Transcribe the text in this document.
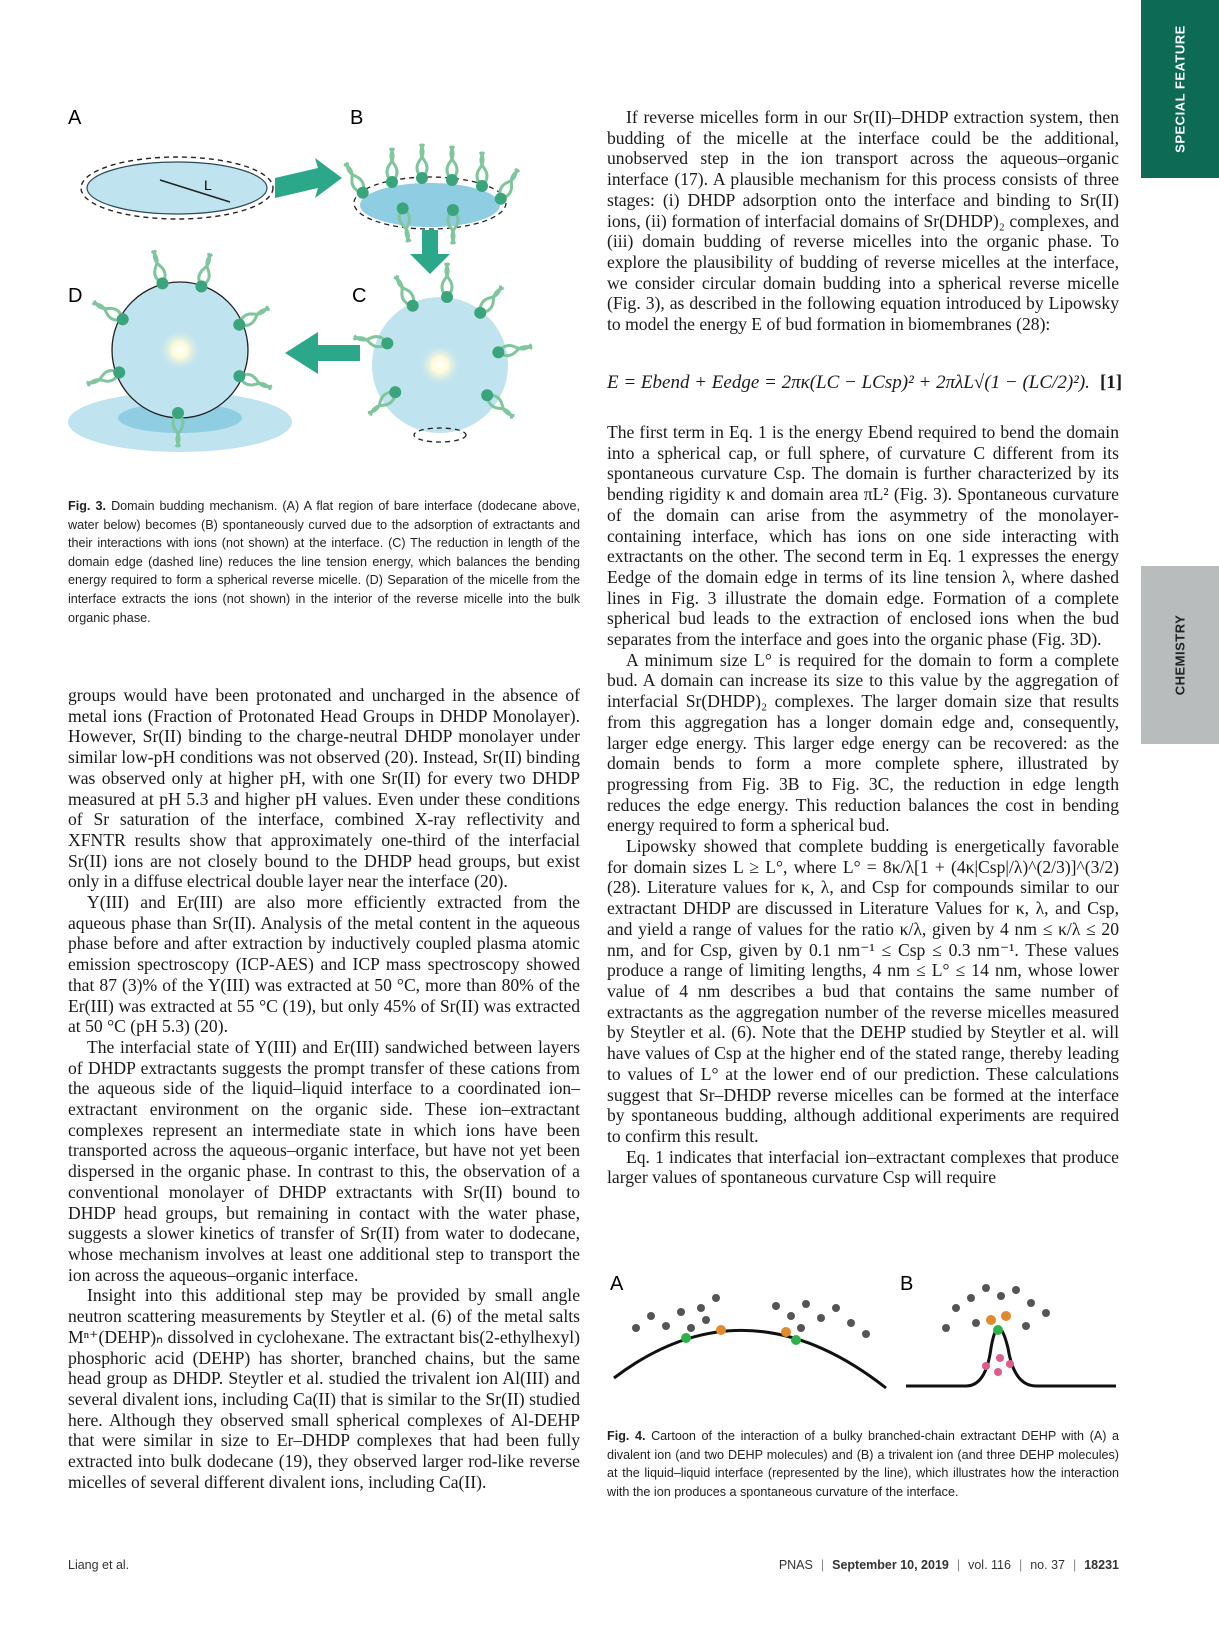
SPECIAL FEATURE
CHEMISTRY
A	B
D	C
L
Fig. 3. Domain budding mechanism. (A) A flat region of bare interface (dodecane above, water below) becomes (B) spontaneously curved due to the adsorption of extractants and their interactions with ions (not shown) at the interface. (C) The reduction in length of the domain edge (dashed line) reduces the line tension energy, which balances the bending energy required to form a spherical reverse micelle. (D) Separation of the micelle from the interface extracts the ions (not shown) in the interior of the reverse micelle into the bulk organic phase.

groups would have been protonated and uncharged in the absence of metal ions (Fraction of Protonated Head Groups in DHDP Monolayer). However, Sr(II) binding to the charge-neutral DHDP monolayer under similar low-pH conditions was not observed (20). Instead, Sr(II) binding was observed only at higher pH, with one Sr(II) for every two DHDP measured at pH 5.3 and higher pH values. Even under these conditions of Sr saturation of the interface, combined X-ray reflectivity and XFNTR results show that approximately one-third of the interfacial Sr(II) ions are not closely bound to the DHDP head groups, but exist only in a diffuse electrical double layer near the interface (20).

Y(III) and Er(III) are also more efficiently extracted from the aqueous phase than Sr(II). Analysis of the metal content in the aqueous phase before and after extraction by inductively coupled plasma atomic emission spectroscopy (ICP-AES) and ICP mass spectroscopy showed that 87 (3)% of the Y(III) was extracted at 50 °C, more than 80% of the Er(III) was extracted at 55 °C (19), but only 45% of Sr(II) was extracted at 50 °C (pH 5.3) (20).

The interfacial state of Y(III) and Er(III) sandwiched between layers of DHDP extractants suggests the prompt transfer of these cations from the aqueous side of the liquid–liquid interface to a coordinated ion–extractant environment on the organic side. These ion–extractant complexes represent an intermediate state in which ions have been transported across the aqueous–organic interface, but have not yet been dispersed in the organic phase. In contrast to this, the observation of a conventional monolayer of DHDP extractants with Sr(II) bound to DHDP head groups, but remaining in contact with the water phase, suggests a slower kinetics of transfer of Sr(II) from water to dodecane, whose mechanism involves at least one additional step to transport the ion across the aqueous–organic interface.

Insight into this additional step may be provided by small angle neutron scattering measurements by Steytler et al. (6) of the metal salts Mⁿ⁺(DEHP)ₙ dissolved in cyclohexane. The extractant bis(2-ethylhexyl) phosphoric acid (DEHP) has shorter, branched chains, but the same head group as DHDP. Steytler et al. studied the trivalent ion Al(III) and several divalent ions, including Ca(II) that is similar to the Sr(II) studied here. Although they observed small spherical complexes of Al-DEHP that were similar in size to Er–DHDP complexes that had been fully extracted into bulk dodecane (19), they observed larger rod-like reverse micelles of several different divalent ions, including Ca(II).

If reverse micelles form in our Sr(II)–DHDP extraction system, then budding of the micelle at the interface could be the additional, unobserved step in the ion transport across the aqueous–organic interface (17). A plausible mechanism for this process consists of three stages: (i) DHDP adsorption onto the interface and binding to Sr(II) ions, (ii) formation of interfacial domains of Sr(DHDP)₂ complexes, and (iii) domain budding of reverse micelles into the organic phase. To explore the plausibility of budding of reverse micelles at the interface, we consider circular domain budding into a spherical reverse micelle (Fig. 3), as described in the following equation introduced by Lipowsky to model the energy E of bud formation in biomembranes (28):

E = Ebend + Eedge = 2πκ(LC − LCsp)² + 2πλL√(1 − (LC/2)²). [1]

The first term in Eq. 1 is the energy Ebend required to bend the domain into a spherical cap, or full sphere, of curvature C different from its spontaneous curvature Csp. The domain is further characterized by its bending rigidity κ and domain area πL² (Fig. 3). Spontaneous curvature of the domain can arise from the asymmetry of the monolayer-containing interface, which has ions on one side interacting with extractants on the other. The second term in Eq. 1 expresses the energy Eedge of the domain edge in terms of its line tension λ, where dashed lines in Fig. 3 illustrate the domain edge. Formation of a complete spherical bud leads to the extraction of enclosed ions when the bud separates from the interface and goes into the organic phase (Fig. 3D).

A minimum size L° is required for the domain to form a complete bud. A domain can increase its size to this value by the aggregation of interfacial Sr(DHDP)₂ complexes. The larger domain size that results from this aggregation has a longer domain edge and, consequently, larger edge energy. This larger edge energy can be recovered: as the domain bends to form a more complete sphere, illustrated by progressing from Fig. 3B to Fig. 3C, the reduction in edge length reduces the edge energy. This reduction balances the cost in bending energy required to form a spherical bud.

Lipowsky showed that complete budding is energetically favorable for domain sizes L ≥ L°, where L° = 8κ/λ[1 + (4κ|Csp|/λ)^(2/3)]^(3/2) (28). Literature values for κ, λ, and Csp for compounds similar to our extractant DHDP are discussed in Literature Values for κ, λ, and Csp, and yield a range of values for the ratio κ/λ, given by 4 nm ≤ κ/λ ≤ 20 nm, and for Csp, given by 0.1 nm⁻¹ ≤ Csp ≤ 0.3 nm⁻¹. These values produce a range of limiting lengths, 4 nm ≤ L° ≤ 14 nm, whose lower value of 4 nm describes a bud that contains the same number of extractants as the aggregation number of the reverse micelles measured by Steytler et al. (6). Note that the DEHP studied by Steytler et al. will have values of Csp at the higher end of the stated range, thereby leading to values of L° at the lower end of our prediction. These calculations suggest that Sr–DHDP reverse micelles can be formed at the interface by spontaneous budding, although additional experiments are required to confirm this result.

Eq. 1 indicates that interfacial ion–extractant complexes that produce larger values of spontaneous curvature Csp will require

A	B
Fig. 4. Cartoon of the interaction of a bulky branched-chain extractant DEHP with (A) a divalent ion (and two DEHP molecules) and (B) a trivalent ion (and three DEHP molecules) at the liquid–liquid interface (represented by the line), which illustrates how the interaction with the ion produces a spontaneous curvature of the interface.
Liang et al.	PNAS | September 10, 2019 | vol. 116 | no. 37 | 18231
